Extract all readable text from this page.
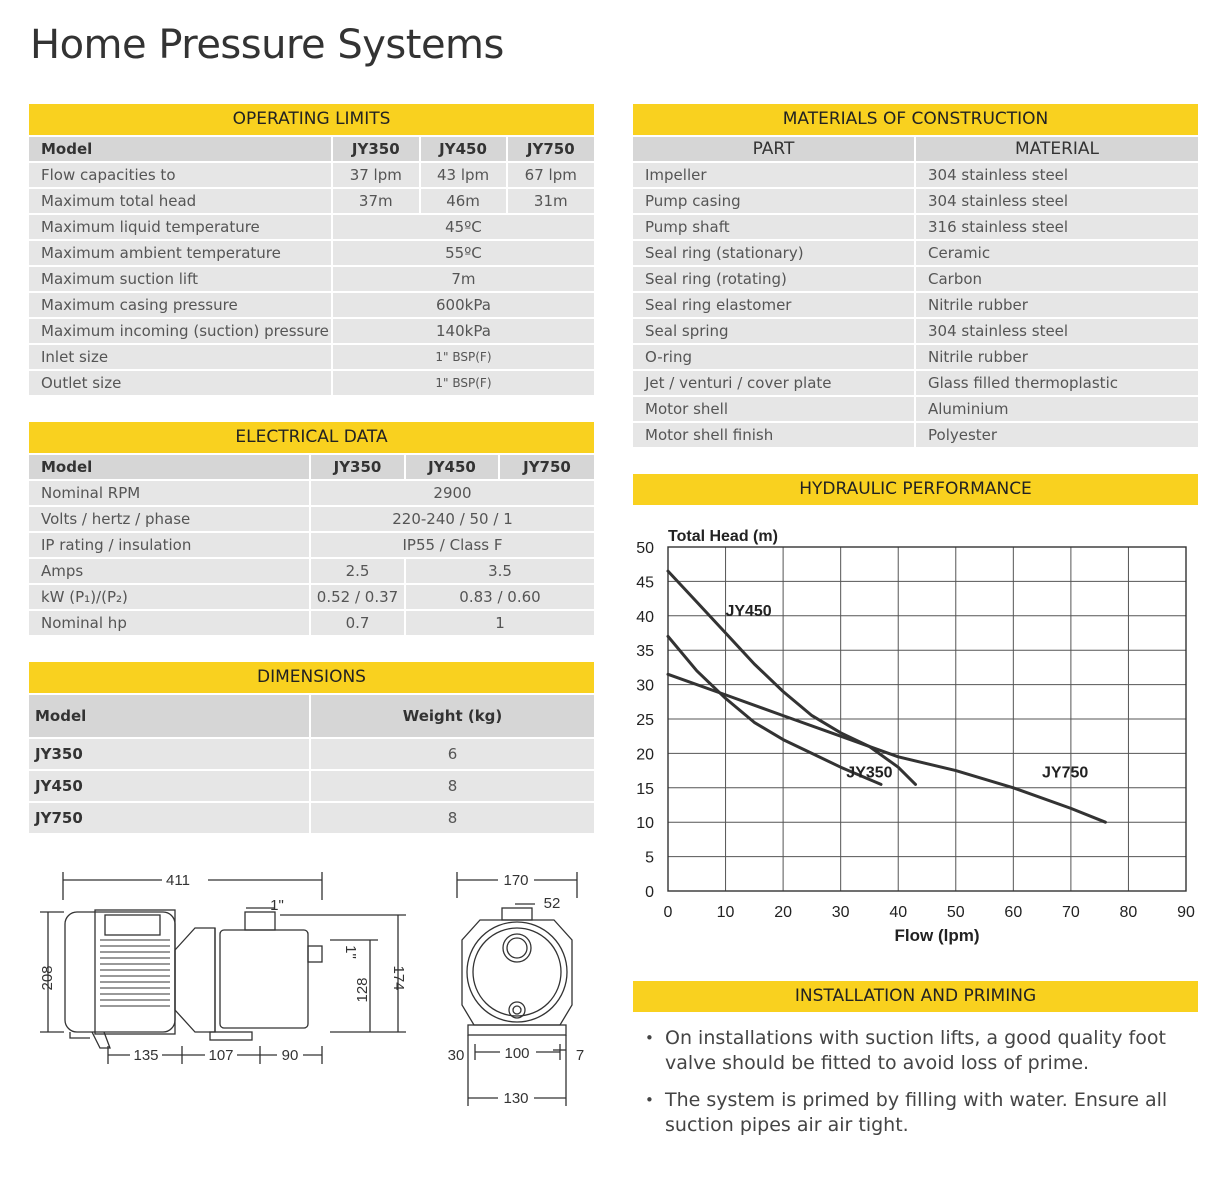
Home Pressure Systems
OPERATING LIMITS
Model	JY350	JY450	JY750
Flow capacities to	37 lpm	43 lpm	67 lpm
Maximum total head	37m	46m	31m
Maximum liquid temperature	45ºC		
Maximum ambient temperature	55ºC		
Maximum suction lift	7m		
Maximum casing pressure	600kPa		
Maximum incoming (suction) pressure	140kPa		
Inlet size	1" BSP(F)		
Outlet size	1" BSP(F)		
ELECTRICAL DATA
Model	JY350	JY450	JY750
Nominal RPM	2900		
Volts / hertz / phase	220-240 / 50 / 1		
IP rating / insulation	IP55 / Class F		
Amps	2.5	3.5	
kW (P₁)/(P₂)	0.52 / 0.37	0.83 / 0.60	
Nominal hp	0.7	1	
DIMENSIONS
Model	Weight (kg)
JY350	6
JY450	8
JY750	8
411
1"
208
1"
128 174
135	107	90
170
52
30	100
130
7
MATERIALS OF CONSTRUCTION
PART	MATERIAL
Impeller	304 stainless steel
Pump casing	304 stainless steel
Pump shaft	316 stainless steel
Seal ring (stationary)	Ceramic
Seal ring (rotating)	Carbon
Seal ring elastomer	Nitrile rubber
Seal spring	304 stainless steel
O-ring	Nitrile rubber
Jet / venturi / cover plate	Glass filled thermoplastic
Motor shell	Aluminium
Motor shell finish	Polyester
HYDRAULIC PERFORMANCE
0	10 20 30 40 50 60 70 80 90
0
5
10
15
20
25
30
35
40
45
50
Total Head (m)
Flow (lpm)
JY350
JY450
JY750
INSTALLATION AND PRIMING
• On installations with suction lifts, a good quality foot valve should be fitted to avoid loss of prime.
• The system is primed by filling with water. Ensure all suction pipes air air tight.
